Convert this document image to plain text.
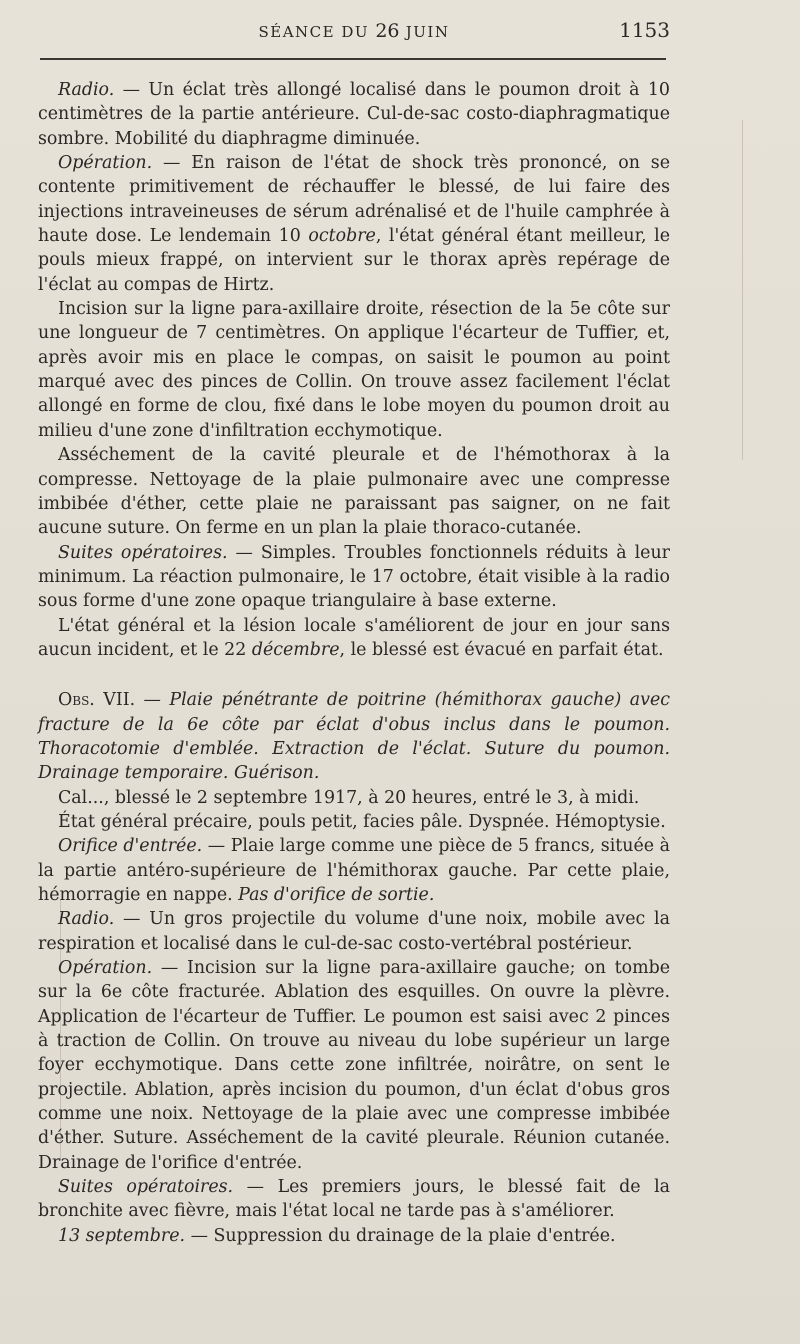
SÉANCE DU 26 JUIN	1153

Radio. — Un éclat très allongé localisé dans le poumon droit à 10 centimètres de la partie antérieure. Cul-de-sac costo-diaphragmatique sombre. Mobilité du diaphragme diminuée.

Opération. — En raison de l'état de shock très prononcé, on se contente primitivement de réchauffer le blessé, de lui faire des injections intraveineuses de sérum adrénalisé et de l'huile camphrée à haute dose. Le lendemain 10 octobre, l'état général étant meilleur, le pouls mieux frappé, on intervient sur le thorax après repérage de l'éclat au compas de Hirtz.

Incision sur la ligne para-axillaire droite, résection de la 5e côte sur une longueur de 7 centimètres. On applique l'écarteur de Tuffier, et, après avoir mis en place le compas, on saisit le poumon au point marqué avec des pinces de Collin. On trouve assez facilement l'éclat allongé en forme de clou, fixé dans le lobe moyen du poumon droit au milieu d'une zone d'infiltration ecchymotique.

Asséchement de la cavité pleurale et de l'hémothorax à la compresse. Nettoyage de la plaie pulmonaire avec une compresse imbibée d'éther, cette plaie ne paraissant pas saigner, on ne fait aucune suture. On ferme en un plan la plaie thoraco-cutanée.

Suites opératoires. — Simples. Troubles fonctionnels réduits à leur minimum. La réaction pulmonaire, le 17 octobre, était visible à la radio sous forme d'une zone opaque triangulaire à base externe.

L'état général et la lésion locale s'améliorent de jour en jour sans aucun incident, et le 22 décembre, le blessé est évacué en parfait état.

Obs. VII. — Plaie pénétrante de poitrine (hémithorax gauche) avec fracture de la 6e côte par éclat d'obus inclus dans le poumon. Thoracotomie d'emblée. Extraction de l'éclat. Suture du poumon. Drainage temporaire. Guérison.

Cal..., blessé le 2 septembre 1917, à 20 heures, entré le 3, à midi.

État général précaire, pouls petit, facies pâle. Dyspnée. Hémoptysie.

Orifice d'entrée. — Plaie large comme une pièce de 5 francs, située à la partie antéro-supérieure de l'hémithorax gauche. Par cette plaie, hémorragie en nappe. Pas d'orifice de sortie.

Radio. — Un gros projectile du volume d'une noix, mobile avec la respiration et localisé dans le cul-de-sac costo-vertébral postérieur.

Opération. — Incision sur la ligne para-axillaire gauche; on tombe sur la 6e côte fracturée. Ablation des esquilles. On ouvre la plèvre. Application de l'écarteur de Tuffier. Le poumon est saisi avec 2 pinces à traction de Collin. On trouve au niveau du lobe supérieur un large foyer ecchymotique. Dans cette zone infiltrée, noirâtre, on sent le projectile. Ablation, après incision du poumon, d'un éclat d'obus gros comme une noix. Nettoyage de la plaie avec une compresse imbibée d'éther. Suture. Asséchement de la cavité pleurale. Réunion cutanée. Drainage de l'orifice d'entrée.

Suites opératoires. — Les premiers jours, le blessé fait de la bronchite avec fièvre, mais l'état local ne tarde pas à s'améliorer.

13 septembre. — Suppression du drainage de la plaie d'entrée.
